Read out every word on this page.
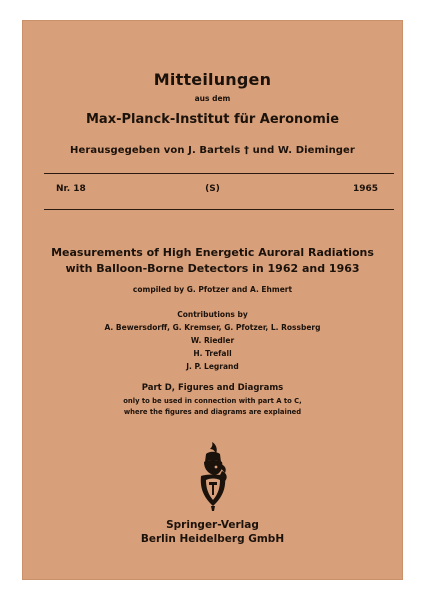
Mitteilungen
aus dem
Max-Planck-Institut für Aeronomie
Herausgegeben von J. Bartels † und W. Dieminger
Nr. 18	(S)	1965
Measurements of High Energetic Auroral Radiations
with Balloon-Borne Detectors in 1962 and 1963
compiled by G. Pfotzer and A. Ehmert
Contributions by
A. Bewersdorff, G. Kremser, G. Pfotzer, L. Rossberg
W. Riedler
H. Trefall
J. P. Legrand
Part D, Figures and Diagrams
only to be used in connection with part A to C,
where the figures and diagrams are explained
Springer-Verlag
Berlin Heidelberg GmbH
